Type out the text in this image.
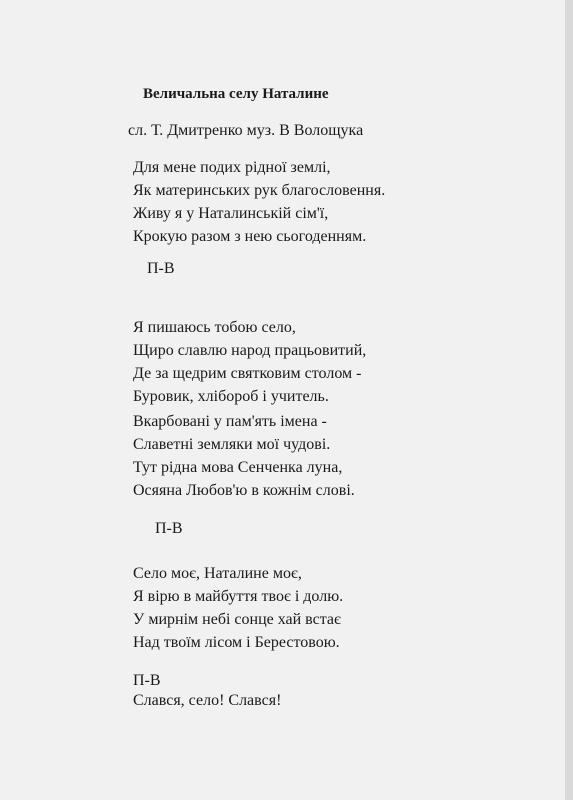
Величальна селу Наталине
сл. Т. Дмитренко муз. В Волощука
Для мене подих рідної землі,
Як материнських рук благословення.
Живу я у Наталинській сім'ї,
Крокую разом з нею сьогоденням.
П-В
Я пишаюсь тобою село,
Щиро славлю народ працьовитий,
Де за щедрим святковим столом -
Буровик, хлібороб і учитель.
Вкарбовані у пам'ять імена -
Славетні земляки мої чудові.
Тут рідна мова Сенченка луна,
Осяяна Любов'ю в кожнім слові.
П-В
Село моє, Наталине моє,
Я вірю в майбуття твоє і долю.
У мирнім небі сонце хай встає
Над твоїм лісом і Берестовою.
П-В
Слався, село! Слався!
